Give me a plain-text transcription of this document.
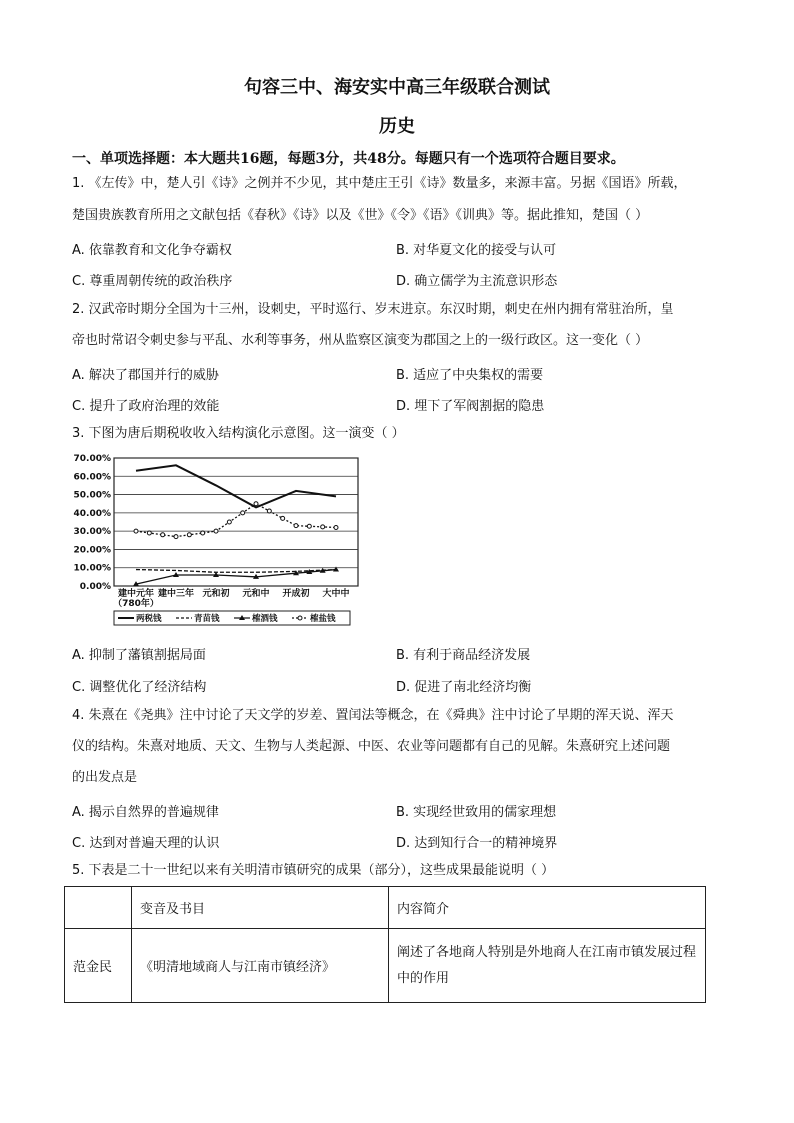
句容三中、海安实中高三年级联合测试
历史
一、单项选择题：本大题共16题，每题3分，共48分。每题只有一个选项符合题目要求。
1. 《左传》中，楚人引《诗》之例并不少见，其中楚庄王引《诗》数量多，来源丰富。另据《国语》所载，
楚国贵族教育所用之文献包括《春秋》《诗》以及《世》《令》《语》《训典》等。据此推知，楚国（ ）
A. 依靠教育和文化争夺霸权	B. 对华夏文化的接受与认可
C. 尊重周朝传统的政治秩序	D. 确立儒学为主流意识形态
2. 汉武帝时期分全国为十三州，设刺史，平时巡行、岁末进京。东汉时期，刺史在州内拥有常驻治所，皇
帝也时常诏令刺史参与平乱、水利等事务，州从监察区演变为郡国之上的一级行政区。这一变化（ ）
A. 解决了郡国并行的威胁	B. 适应了中央集权的需要
C. 提升了政府治理的效能	D. 埋下了军阀割据的隐患
3. 下图为唐后期税收收入结构演化示意图。这一演变（ ）
70.00%
60.00%
50.00%
40.00%
30.00%
20.00%
10.00%
0.00%
建中元年 建中三年 元和初 元和中 开成初 大中中
（780年）
两税钱	青苗钱	榷酒钱	榷盐钱
A. 抑制了藩镇割据局面	B. 有利于商品经济发展
C. 调整优化了经济结构	D. 促进了南北经济均衡
4. 朱熹在《尧典》注中讨论了天文学的岁差、置闰法等概念，在《舜典》注中讨论了早期的浑天说、浑天
仪的结构。朱熹对地质、天文、生物与人类起源、中医、农业等问题都有自己的见解。朱熹研究上述问题
的出发点是
A. 揭示自然界的普遍规律	B. 实现经世致用的儒家理想
C. 达到对普遍天理的认识	D. 达到知行合一的精神境界
5. 下表是二十一世纪以来有关明清市镇研究的成果（部分），这些成果最能说明（ ）
	变音及书目	内容简介
范金民	《明清地域商人与江南市镇经济》	阐述了各地商人特别是外地商人在江南市镇发展过程中的作用
